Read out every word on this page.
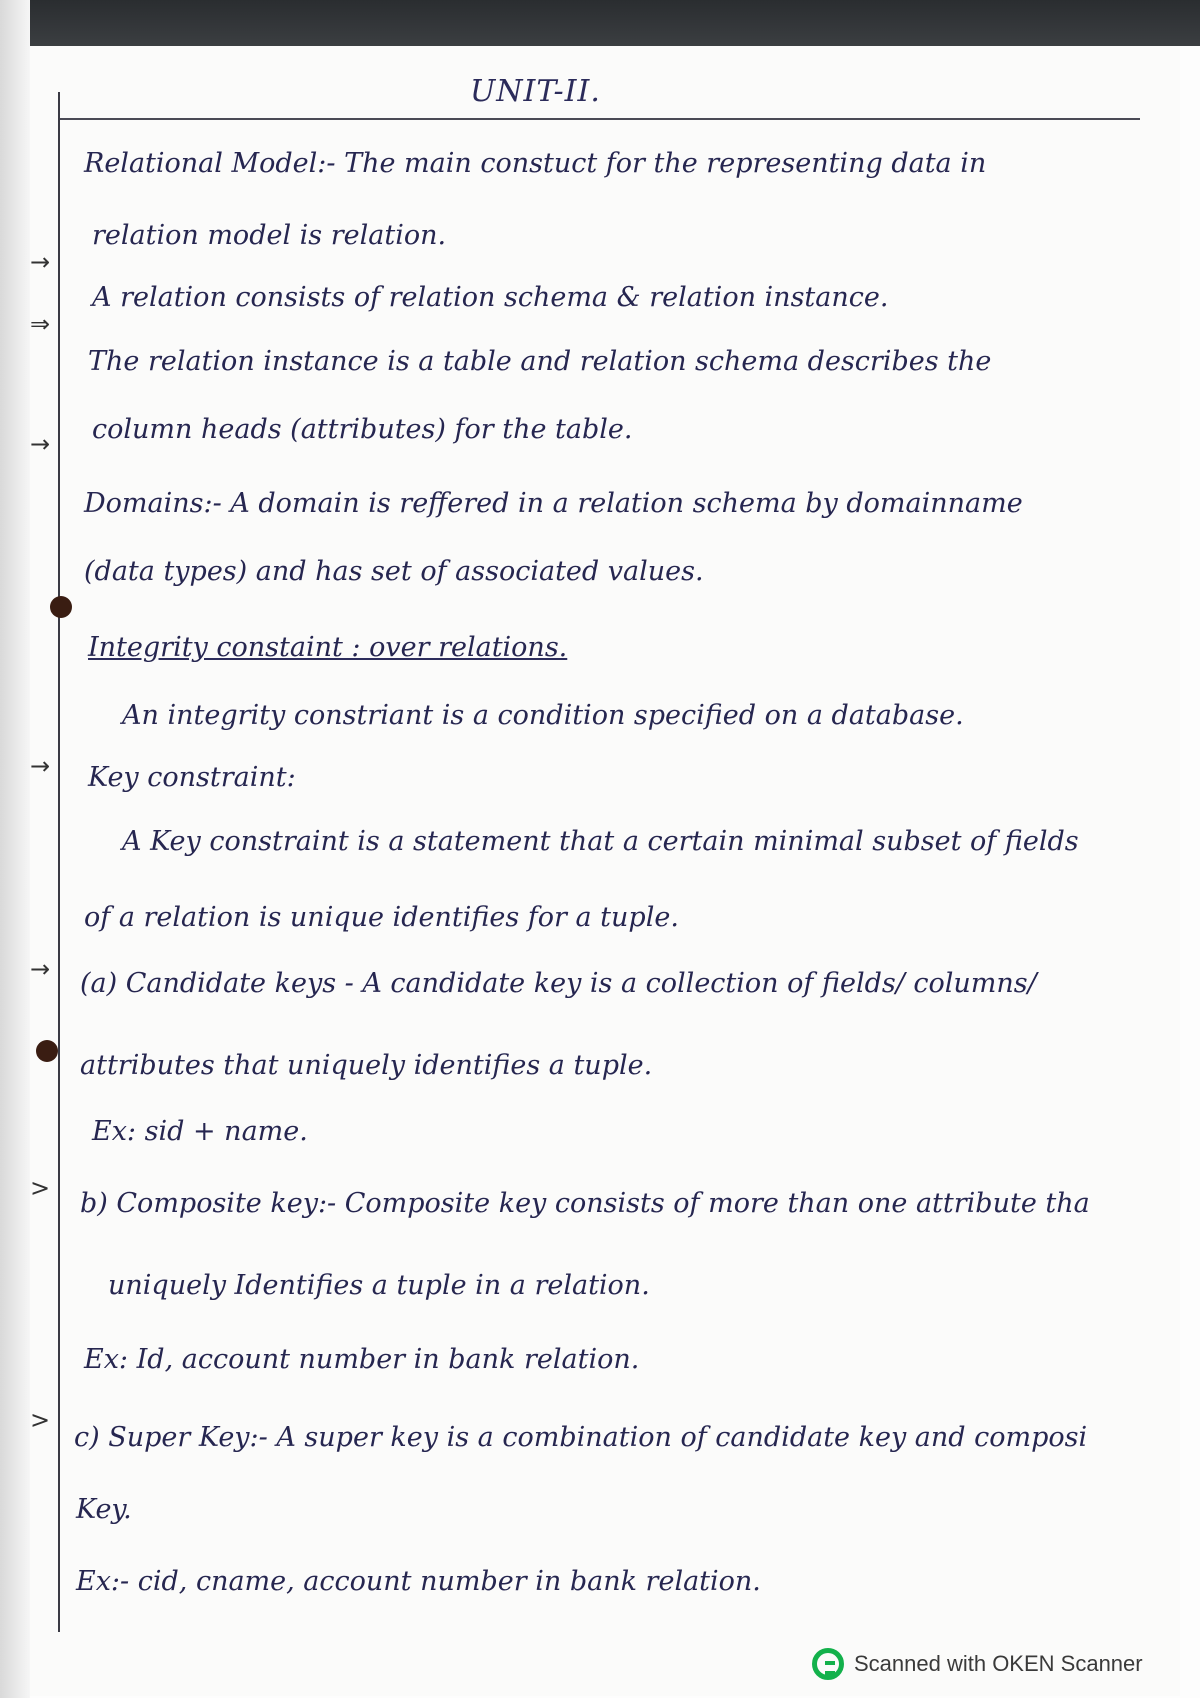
UNIT-II.
→
⇒
→
→
→
>
>
Relational Model:- The main constuct for the representing data in
relation model is relation.
A relation consists of relation schema & relation instance.
The relation instance is a table and relation schema describes the
column heads (attributes) for the table.
Domains:- A domain is reffered in a relation schema by domainname
(data types) and has set of associated values.
Integrity constaint : over relations.
An integrity constriant is a condition specified on a database.
Key constraint:
A Key constraint is a statement that a certain minimal subset of fields
of a relation is unique identifies for a tuple.
(a) Candidate keys - A candidate key is a collection of fields/ columns/
attributes that uniquely identifies a tuple.
Ex: sid + name.
b) Composite key:- Composite key consists of more than one attribute tha
uniquely Identifies a tuple in a relation.
Ex: Id, account number in bank relation.
c) Super Key:- A super key is a combination of candidate key and composi
Key.
Ex:- cid, cname, account number in bank relation.
Scanned with OKEN Scanner
